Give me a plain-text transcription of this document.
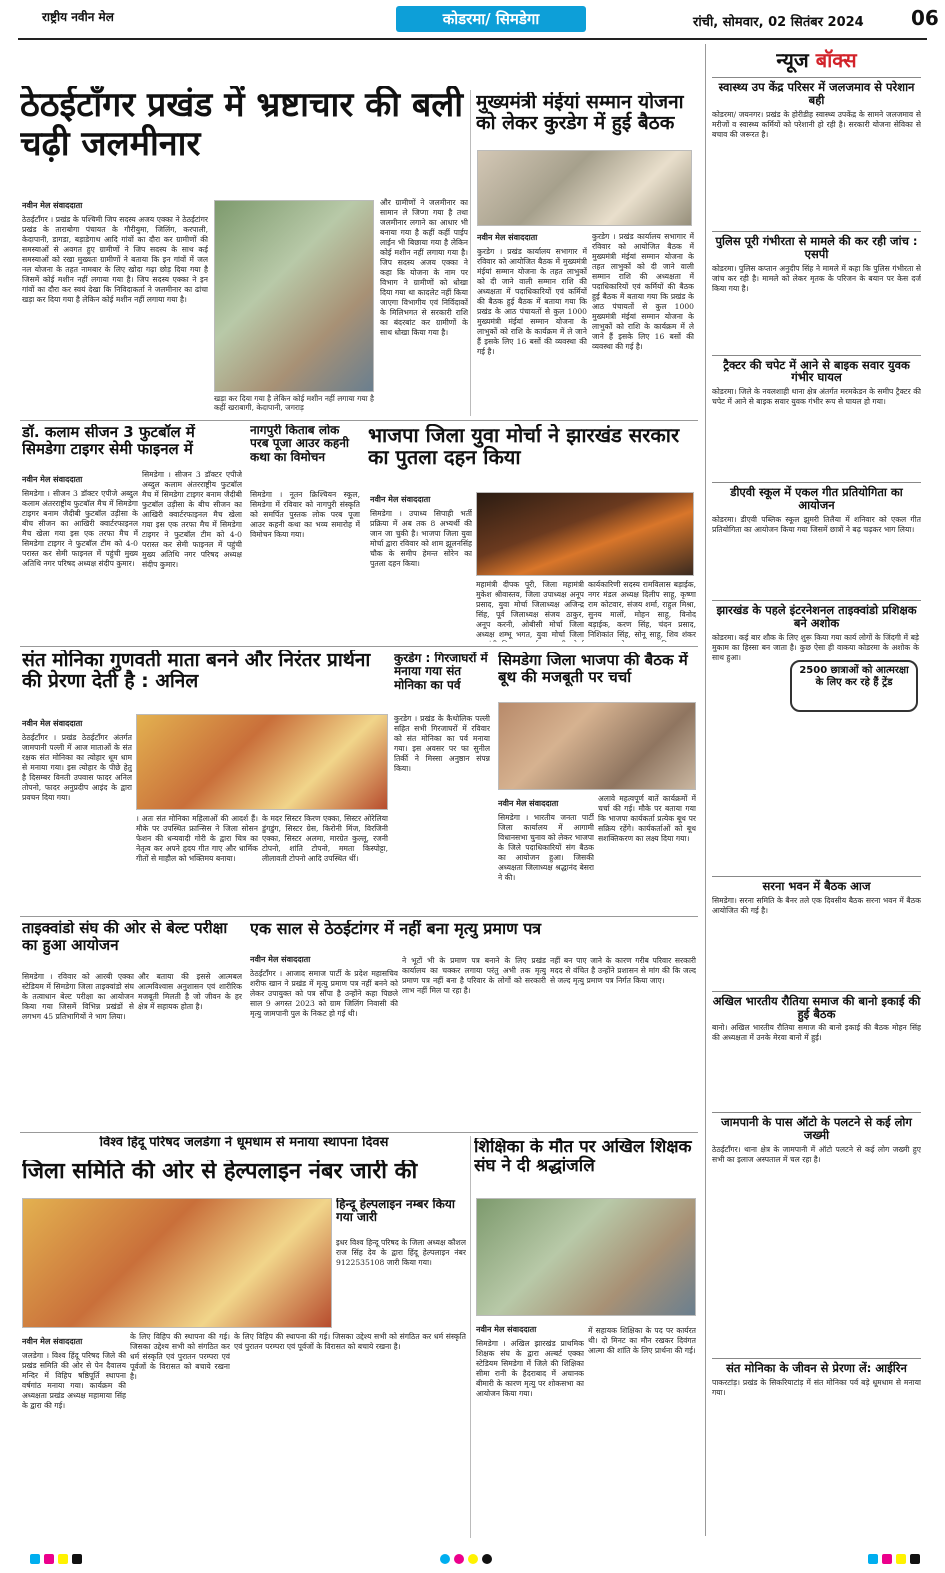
राष्ट्रीय नवीन मेल	कोडरमा/ सिमडेगा	रांची, सोमवार, 02 सितंबर 2024 06
ठेठईटाँगर प्रखंड में भ्रष्टाचार की बली चढ़ी जलमीनार
नवीन मेल संवाददाता
ठेठईटाँगर । प्रखंड के पश्चिमी जिप सदस्य अजय एक्का ने ठेठईटांगर प्रखंड के ताराबोगा पंचायत के गौरीयुमा, जिलिंग, करपाली, केदापानी, डागडा, बड़ाडेगाथ आदि गांवों का दौरा कर ग्रामीणों की समस्याओं से अवगत हुए ग्रामीणों ने जिप सदस्य के साथ कई समस्याओं को रखा मुख्यतः ग्रामीणों ने बताया कि इन गांवों में जल नल योजना के तहत नामबार के लिए खोदा गढ़ा छोड़ दिया गया है जिसमें कोई मशीन नहीं लगाया गया है। जिप सदस्य एक्का ने इन गांवों का दौरा कर स्वयं देखा कि निविदाकर्ता ने जलमीनार का ढांचा खड़ा कर दिया गया है लेकिन कोई मशीन नहीं लगाया गया है।
खड़ा कर दिया गया है लेकिन कोई मशीन नहीं लगाया गया है कहीं खराबागी, केदापानी, जगराड़
और ग्रामीणों ने जलमीनार का सामान ले जिप्गा गया है तथा जलमीनार लगाने का आधार भी बनाया गया है कहीं कहीं पाईप लाईन भी बिछाया गया है लेकिन कोई मशीन नहीं लगाया गया है। जिप सदस्य अजय एक्का ने कहा कि योजना के नाम पर विभाग ने ग्रामीणों को धोखा दिया गया था कादलेट नहीं किया जाएगा विभागीय एवं निर्विदाकों के मिलिभगत से सरकारी राशि का बंदरबांट कर ग्रामीणों के साथ धोखा किया गया है।
मुख्यमंत्री मंईयां सम्मान योजना को लेकर कुरडेग में हुई बैठक
नवीन मेल संवाददाता
कुरडेग । प्रखंड कार्यालय सभागार में रविवार को आयोजित बैठक में मुख्यमंत्री मंईयां सम्मान योजना के तहत लाभुकों को दी जाने वाली सम्मान राशि की अध्यक्षता में पदाधिकारियों एवं कर्मियों की बैठक हुई बैठक में बताया गया कि प्रखंड के आठ पंचायतों से कुल 1000 मुख्यमंत्री मंईयां सम्मान योजना के लाभुकों को राशि के कार्यक्रम में ले जाने हैं इसके लिए 16 बसों की व्यवस्था की गई है।
कुरडेग । प्रखंड कार्यालय सभागार में रविवार को आयोजित बैठक में मुख्यमंत्री मंईयां सम्मान योजना के तहत लाभुकों को दी जाने वाली सम्मान राशि की अध्यक्षता में पदाधिकारियों एवं कर्मियों की बैठक हुई बैठक में बताया गया कि प्रखंड के आठ पंचायतों से कुल 1000 मुख्यमंत्री मंईयां सम्मान योजना के लाभुकों को राशि के कार्यक्रम में ले जाने हैं इसके लिए 16 बसों की व्यवस्था की गई है।
डॉ. कलाम सीजन 3 फुटबॉल में सिमडेगा टाइगर सेमी फाइनल में
नवीन मेल संवाददाता
सिमडेगा । सीजन 3 डॉक्टर एपीजे अब्दुल कलाम अंतरराष्ट्रीय फुटबॉल मैच में सिमडेगा टाइगर बनाम जैदीबी फुटबॉल उड़ीसा के बीच सीजन का आखिरी क्वार्टरफाइनल मैच खेला गया इस एक तरफा मैच में सिमडेगा टाइगर ने फुटबॉल टीम को 4-0 परास्त कर सेमी फाइनल में पहुंची मुख्य अतिथि नगर परिषद अध्यक्ष संदीप कुमार।
सिमडेगा । सीजन 3 डॉक्टर एपीजे अब्दुल कलाम अंतरराष्ट्रीय फुटबॉल मैच में सिमडेगा टाइगर बनाम जैदीबी फुटबॉल उड़ीसा के बीच सीजन का आखिरी क्वार्टरफाइनल मैच खेला गया इस एक तरफा मैच में सिमडेगा टाइगर ने फुटबॉल टीम को 4-0 परास्त कर सेमी फाइनल में पहुंची मुख्य अतिथि नगर परिषद अध्यक्ष संदीप कुमार।
नागपुरी किताब लोक परब पूजा आउर कहनी कथा का विमोचन
सिमडेगा । नूतन क्रिश्चियन स्कूल, सिमडेगा में रविवार को नागपुरी संस्कृति को समर्पित पुस्तक लोक परब पूजा आउर कहनी कथा का भव्य समारोह में विमोचन किया गया।
भाजपा जिला युवा मोर्चा ने झारखंड सरकार का पुतला दहन किया
नवीन मेल संवाददाता
सिमडेगा । उपाध्य सिपाही भर्ती प्रक्रिया में अब तक 8 अभ्यर्थी की जान जा चुकी है। भाजपा जिला युवा मोर्चा द्वारा रविवार को शाम झूलनसिंह चौक के समीप हेमन्त सोरेन का पुतला दहन किया।
महामंत्री दीपक पूरी, जिला महामंत्री मुकेश श्रीवास्तव, जिला उपाध्यक्ष अनूप प्रसाद, युवा मोर्चा जिलाध्यक्ष अजिन्द्र सिंह, पूर्व जिलाध्यक्ष संजय ठाकुर, अनूप करनी, ओबीसी मोर्चा जिला अध्यक्ष शम्भू भगत, युवा मोर्चा जिला
कार्यकारिणी सदस्य रामविलास बड़ाईक, नगर मंडल अध्यक्ष दिलीप साहू, कृष्णा राम कोटवार, संजय शर्मा, राहुल मिश्रा, सुनय मालों, मोहन साहू, विनोद बड़ाईक, करण सिंह, चंदन प्रसाद, निशिकांत सिंह, सोनू साहू, शिव शंकर
संत मोनिका गुणवती माता बनने और निरंतर प्रार्थना की प्रेरणा देती है : अनिल
नवीन मेल संवाददाता
ठेठईटाँगर । प्रखंड ठेठईटाँगर अंतर्गत जामपानी पल्ली में आज माताओं के संत रक्षक संत मोनिका का त्योहार धूम धाम से मनाया गया। इस त्योहार के पीछे हेतु है दिसम्बर विनती उपवास फादर अनिल तोपनो, फादर अनुप्रदीप आइंद के द्वारा प्रवचन दिया गया।
। अतः संत मोनिका महिलाओं की आदर्श हैं। मौके पर उपस्थित फ्रान्सिस ने जिला सोसन फेशन की धन्यवादी गोरी के द्वारा चित्र का नेतृत्व कर अपने हृदय गीत गाए और धार्मिक गीतों से माहौल को भक्तिमय बनाया।
के मदर सिस्टर किरण एक्का, सिस्टर ओरेलिया डुंगडुंग, सिस्टर ग्रेस, किरोनी मिंज, विरजिनी एक्का, सिस्टर अलमा, मारग्रेत कुल्लू, रजनी टोपनो, शांति टोपनो, ममता किस्पोट्टा, लीलावती टोपनो आदि उपस्थित थीं।
कुरडेग : गिरजाघरों में मनाया गया संत मोनिका का पर्व
कुरडेग । प्रखंड के कैथोलिक पल्ली सहित सभी गिरजाघरों में रविवार को संत मोनिका का पर्व मनाया गया। इस अवसर पर फा सुनील तिर्की ने मिस्सा अनुष्ठान संपन्न किया।
सिमडेगा जिला भाजपा की बैठक में बूथ की मजबूती पर चर्चा
नवीन मेल संवाददाता
सिमडेगा । भारतीय जनता पार्टी जिला कार्यालय में आगामी विधानसभा चुनाव को लेकर भाजपा के जिले पदाधिकारियों संग बैठक का आयोजन हुआ। जिसकी अध्यक्षता जिलाध्यक्ष श्रद्धानंद बेसरा ने की।
अलावे महत्वपूर्ण बातें कार्यक्रमों में चर्चा की गई। मौके पर बताया गया कि भाजपा कार्यकर्ता प्रत्येक बूथ पर सक्रिय रहेंगे। कार्यकर्ताओं को बूथ सशक्तिकरण का लक्ष्य दिया गया।
ताइक्वांडो संघ की ओर से बेल्ट परीक्षा का हुआ आयोजन
सिमडेगा । रविवार को आरबी एक्का स्टेडियम में सिमडेगा जिला ताइक्वांडो संघ के तत्वाधान बेल्ट परीक्षा का आयोजन किया गया जिसमें विभिन्न प्रखंडों से लगभग 45 प्रतिभागियों ने भाग लिया।
और बताया की इससे आत्मबल आत्मविश्वास अनुशासन एवं शारीरिक मजबूती मिलती है जो जीवन के हर क्षेत्र में सहायक होता है।
एक साल से ठेठईटांगर में नहीं बना मृत्यु प्रमाण पत्र
नवीन मेल संवाददाता
ठेठईटाँगर । आजाद समाज पार्टी के प्रदेश महासचिव शरीफ खान ने प्रखंड में मृत्यु प्रमाण पत्र नहीं बनने को लेकर उपायुक्त को पत्र सौंपा है उन्होंने कहा पिछले साल 9 अगस्त 2023 को ग्राम जिलिंग निवासी की मृत्यु जामपानी पुल के निकट हो गई थी।
ने भूटों भी के प्रमाण पत्र बनाने के लिए प्रखंड कार्यालय का चक्कर लगाया परंतु अभी तक मृत्यु प्रमाण पत्र नहीं बना है परिवार के लोगों को सरकारी लाभ नहीं मिल पा रहा है।
नहीं बन पाए जाने के कारण गरीब परिवार सरकारी मदद से वंचित है उन्होंने प्रशासन से मांग की कि जल्द से जल्द मृत्यु प्रमाण पत्र निर्गत किया जाए।
विश्व हिंदू परिषद जलडेगा ने धूमधाम से मनाया स्थापना दिवस
जिला समिति की ओर से हेल्पलाइन नंबर जारी की
हिन्दू हेल्पलाइन नम्बर किया गया जारी
इधर विश्व हिन्दू परिषद के जिला अध्यक्ष कौशल राज सिंह देव के द्वारा हिंदू हेल्पलाइन नंबर 9122535108 जारी किया गया।
नवीन मेल संवाददाता
जलडेगा । विश्व हिंदू परिषद जिले की प्रखंड समिति की ओर से पेन दैवालय मन्दिर में विहिप षष्ठिपूर्ति स्थापना वर्षगांठ मनाया गया। कार्यक्रम की अध्यक्षता प्रखंड अध्यक्ष महामाया सिंह के द्वारा की गई।
के लिए विहिप की स्थापना की गई। जिसका उद्देश्य सभी को संगठित कर धर्म संस्कृति एवं पुरातन परम्परा एवं पूर्वजों के विरासत को बचाये रखना है।
के लिए विहिप की स्थापना की गई। जिसका उद्देश्य सभी को संगठित कर धर्म संस्कृति एवं पुरातन परम्परा एवं पूर्वजों के विरासत को बचाये रखना है।
शिक्षिका के मौत पर अखिल शिक्षक संघ ने दी श्रद्धांजलि
नवीन मेल संवाददाता
सिमडेगा । अखिल झारखंड प्राथमिक शिक्षक संघ के द्वारा अल्बर्ट एक्का स्टेडियम सिमडेगा में जिले की शिक्षिका सीमा रानी के हैदराबाद में अचानक बीमारी के कारण मृत्यु पर शोकसभा का आयोजन किया गया।
में सहायक शिक्षिका के पद पर कार्यरत थी। दो मिनट का मौन रखकर दिवंगत आत्मा की शांति के लिए प्रार्थना की गई।
न्यूज बॉक्स
स्वास्थ्य उप केंद्र परिसर में जलजमाव से परेशान बही
कोडरमा/ जयनगर। प्रखंड के होरीडीह स्वास्थ्य उपकेंद्र के सामने जलजमाव से मरीजों व स्वास्थ्य कर्मियों को परेशानी हो रही है। सरकारी योजना सेविका से बचाव की जरूरत है।
पुलिस पूरी गंभीरता से मामले की कर रही जांच : एसपी
कोडरमा। पुलिस कप्तान अनुदीप सिंह ने मामले में कहा कि पुलिस गंभीरता से जांच कर रही है। मामले को लेकर मृतक के परिजन के बयान पर केस दर्ज किया गया है।
ट्रैक्टर की चपेट में आने से बाइक सवार युवक गंभीर घायल
कोडरमा। जिले के नवलशाही थाना क्षेत्र अंतर्गत मरमकेडन के समीप ट्रैक्टर की चपेट में आने से बाइक सवार युवक गंभीर रूप से घायल हो गया।
डीएवी स्कूल में एकल गीत प्रतियोगिता का आयोजन
कोडरमा। डीएवी पब्लिक स्कूल झुमरी तिलैया में शनिवार को एकल गीत प्रतियोगिता का आयोजन किया गया जिसमें छात्रों ने बढ़ चढ़कर भाग लिया।
झारखंड के पहले इंटरनेशनल ताइक्वांडो प्रशिक्षक बने अशोक
कोडरमा। कई बार शौक के लिए शुरू किया गया कार्य लोगों के जिंदगी में बड़े मुकाम का हिस्सा बन जाता है। कुछ ऐसा ही वाकया कोडरमा के अशोक के साथ हुआ।
सरना भवन में बैठक आज
सिमडेगा। सरना समिति के बैनर तले एक दिवसीय बैठक सरना भवन में बैठक आयोजित की गई है।
अखिल भारतीय रौतिया समाज की बानो इकाई की हुई बैठक
बानो। अखिल भारतीय रौतिया समाज की बानो इकाई की बैठक मोहन सिंह की अध्यक्षता में उनके मेरवा बानो में हुई।
जामपानी के पास ऑटो के पलटने से कई लोग जख्मी
ठेठईटाँगर। थाना क्षेत्र के जामपानी में ऑटो पलटने से कई लोग जख्मी हुए सभी का इलाज अस्पताल में चल रहा है।
संत मोनिका के जीवन से प्रेरणा लें: आईरिन
पाकरटांड़। प्रखंड के सिकरियाटांड़ में संत मोनिका पर्व बड़े धूमधाम से मनाया गया।
2500 छात्राओं को आत्मरक्षा के लिए कर रहे हैं ट्रेंड
